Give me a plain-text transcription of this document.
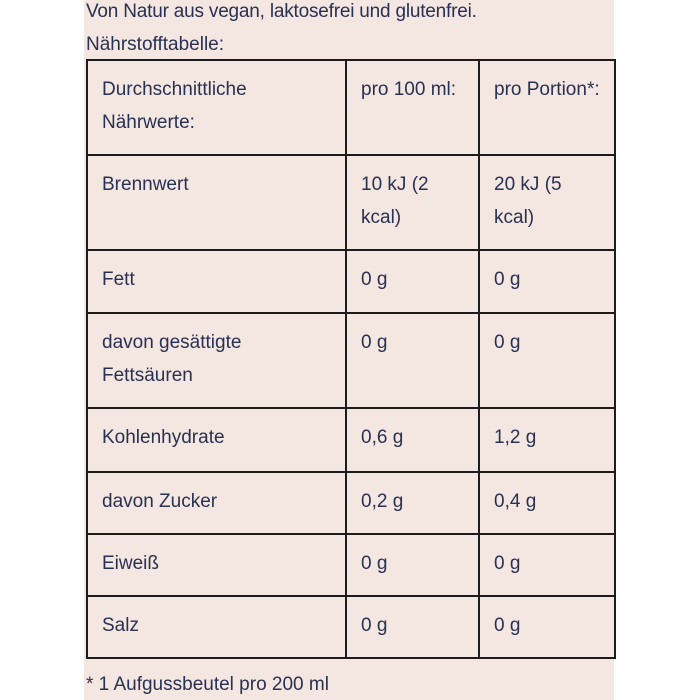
Von Natur aus vegan, laktosefrei und glutenfrei.
Nährstofftabelle:
Durchschnittliche Nährwerte:	pro 100 ml:	pro Portion*:
Brennwert	10 kJ (2 kcal)	20 kJ (5 kcal)
Fett	0 g	0 g
davon gesättigte Fettsäuren	0 g	0 g
Kohlenhydrate	0,6 g	1,2 g
davon Zucker	0,2 g	0,4 g
Eiweiß	0 g	0 g
Salz	0 g	0 g
* 1 Aufgussbeutel pro 200 ml
